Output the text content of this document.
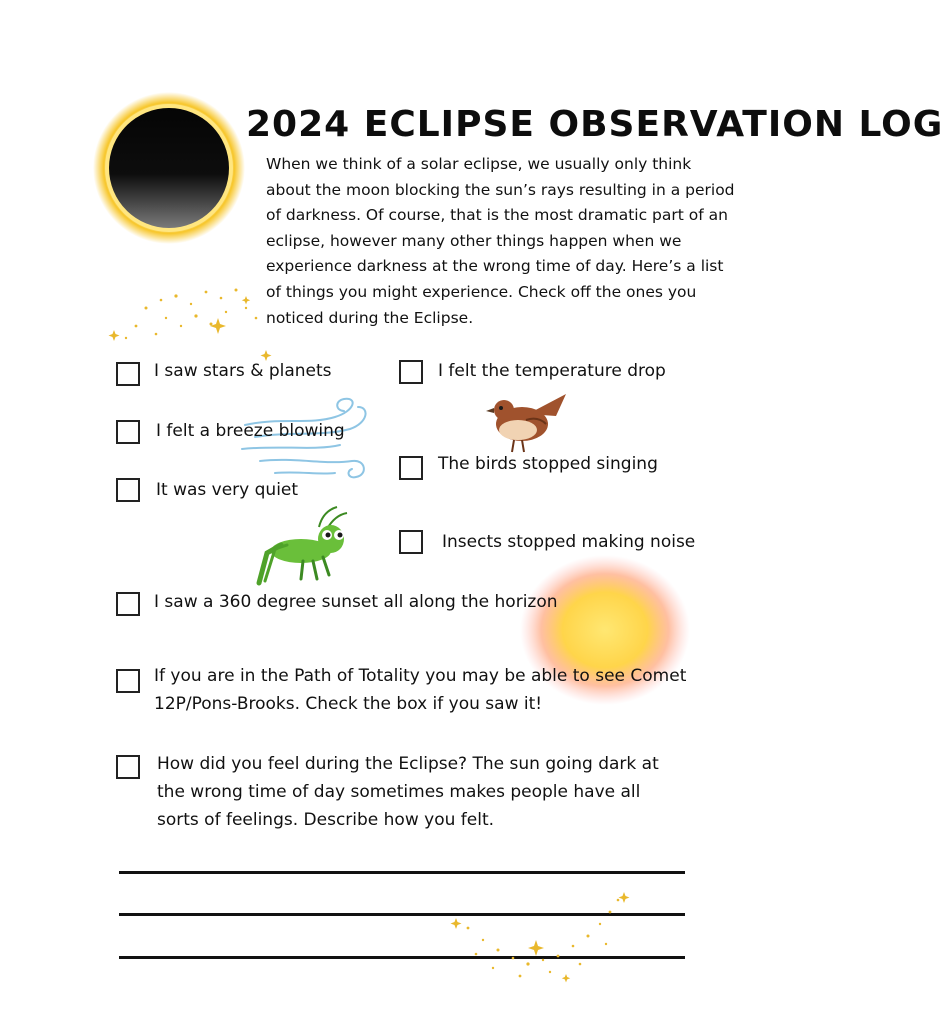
2024 ECLIPSE OBSERVATION LOG
When we think of a solar eclipse, we usually only think about the moon blocking the sun’s rays resulting in a period of darkness. Of course, that is the most dramatic part of an eclipse, however many other things happen when we experience darkness at the wrong time of day. Here’s a list of things you might experience. Check off the ones you noticed during the Eclipse.
I saw stars & planets
I felt a breeze blowing
It was very quiet
I felt the temperature drop
The birds stopped singing
Insects stopped making noise
I saw a 360 degree sunset all along the horizon
If you are in the Path of Totality you may be able to see Comet 12P/Pons-Brooks. Check the box if you saw it!
How did you feel during the Eclipse? The sun going dark at the wrong time of day sometimes makes people have all sorts of feelings. Describe how you felt.
